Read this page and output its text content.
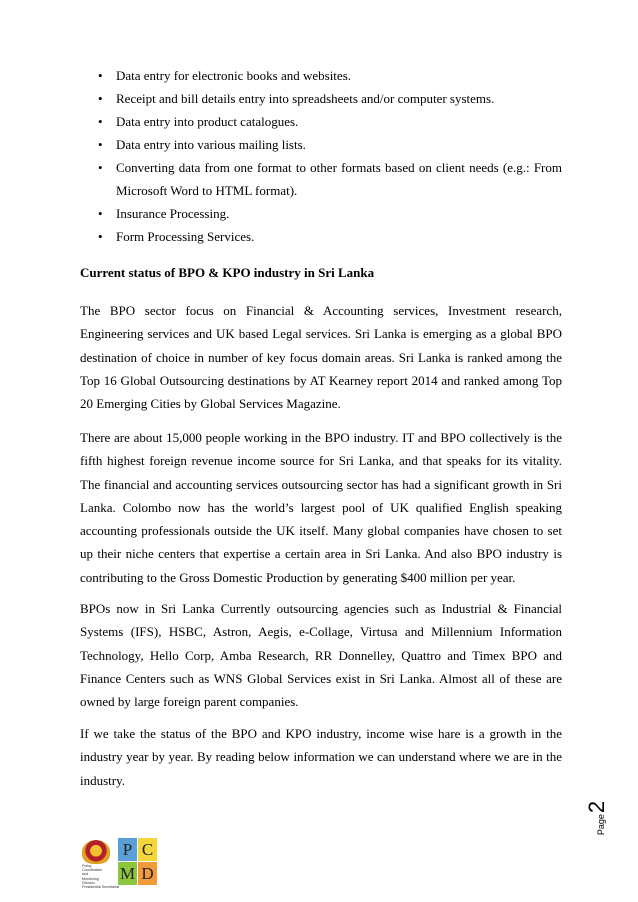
• Data entry for electronic books and websites.
• Receipt and bill details entry into spreadsheets and/or computer systems.
• Data entry into product catalogues.
• Data entry into various mailing lists.
• Converting data from one format to other formats based on client needs (e.g.: From Microsoft Word to HTML format).
• Insurance Processing.
• Form Processing Services.
Current status of BPO & KPO industry in Sri Lanka

The BPO sector focus on Financial & Accounting services, Investment research, Engineering services and UK based Legal services. Sri Lanka is emerging as a global BPO destination of choice in number of key focus domain areas. Sri Lanka is ranked among the Top 16 Global Outsourcing destinations by AT Kearney report 2014 and ranked among Top 20 Emerging Cities by Global Services Magazine.

There are about 15,000 people working in the BPO industry. IT and BPO collectively is the fifth highest foreign revenue income source for Sri Lanka, and that speaks for its vitality. The financial and accounting services outsourcing sector has had a significant growth in Sri Lanka. Colombo now has the world’s largest pool of UK qualified English speaking accounting professionals outside the UK itself. Many global companies have chosen to set up their niche centers that expertise a certain area in Sri Lanka. And also BPO industry is contributing to the Gross Domestic Production by generating $400 million per year.

BPOs now in Sri Lanka Currently outsourcing agencies such as Industrial & Financial Systems (IFS), HSBC, Astron, Aegis, e-Collage, Virtusa and Millennium Information Technology, Hello Corp, Amba Research, RR Donnelley, Quattro and Timex BPO and Finance Centers such as WNS Global Services exist in Sri Lanka. Almost all of these are owned by large foreign parent companies.

If we take the status of the BPO and KPO industry, income wise hare is a growth in the industry year by year. By reading below information we can understand where we are in the industry.

Page
2
Policy
Coordination
and
Monitoring
Division
Presidential Secretariat
P C
M D
